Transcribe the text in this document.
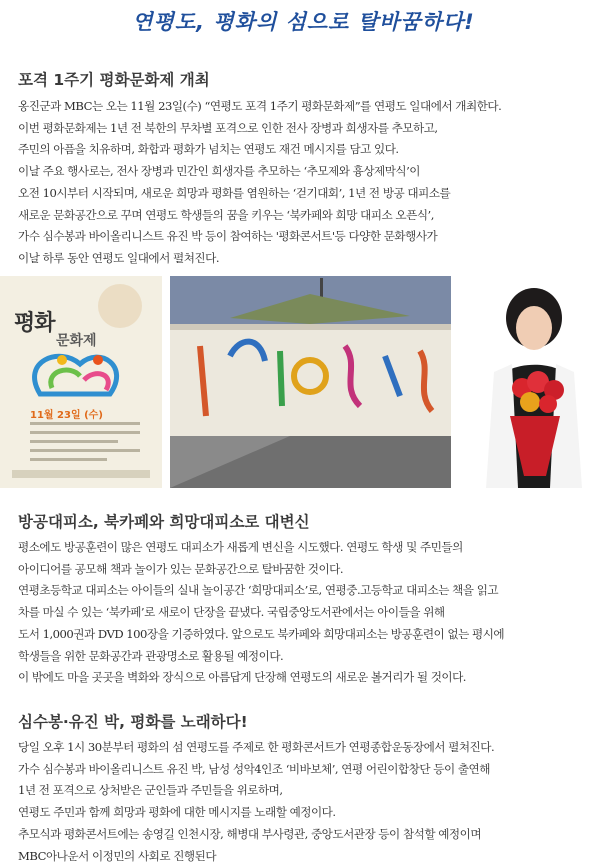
연평도, 평화의 섬으로 탈바꿈하다!
포격 1주기 평화문화제 개최

옹진군과 MBC는 오는 11월 23일(수) “연평도 포격 1주기 평화문화제”를 연평도 일대에서 개최한다.

이번 평화문화제는 1년 전 북한의 무차별 포격으로 인한 전사 장병과 희생자를 추모하고,

주민의 아픔을 치유하며, 화합과 평화가 넘치는 연평도 재건 메시지를 담고 있다.

이날 주요 행사로는, 전사 장병과 민간인 희생자를 추모하는 ‘추모제와 흉상제막식’이

오전 10시부터 시작되며, 새로운 희망과 평화를 염원하는 ‘걷기대회’, 1년 전 방공 대피소를

새로운 문화공간으로 꾸며 연평도 학생들의 꿈을 키우는 ‘북카페와 희망 대피소 오픈식’,

가수 심수봉과 바이올리니스트 유진 박 등이 참여하는 '평화콘서트'등 다양한 문화행사가

이날 하루 동안 연평도 일대에서 펼쳐진다.

평화
문화제
11월 23일 (수)
방공대피소, 북카페와 희망대피소로 대변신

평소에도 방공훈련이 많은 연평도 대피소가 새롭게 변신을 시도했다. 연평도 학생 및 주민들의

아이디어를 공모해 책과 놀이가 있는 문화공간으로 탈바꿈한 것이다.

연평초등학교 대피소는 아이들의 실내 놀이공간 ‘희망대피소’로, 연평중.고등학교 대피소는 책을 읽고

차를 마실 수 있는 ‘북카페’로 새로이 단장을 끝냈다. 국립중앙도서관에서는 아이들을 위해

도서 1,000권과 DVD 100장을 기증하였다. 앞으로도 북카페와 희망대피소는 방공훈련이 없는 평시에

학생들을 위한 문화공간과 관광명소로 활용될 예정이다.

이 밖에도 마을 곳곳을 벽화와 장식으로 아름답게 단장해 연평도의 새로운 볼거리가 될 것이다.

심수봉·유진 박, 평화를 노래하다!

당일 오후 1시 30분부터 평화의 섬 연평도를 주제로 한 평화콘서트가 연평종합운동장에서 펼쳐진다.

가수 심수봉과 바이올리니스트 유진 박, 남성 성악4인조 ‘비바보체’, 연평 어린이합창단 등이 출연해

1년 전 포격으로 상처받은 군인들과 주민들을 위로하며,

연평도 주민과 함께 희망과 평화에 대한 메시지를 노래할 예정이다.

추모식과 평화콘서트에는 송영길 인천시장, 해병대 부사령관, 중앙도서관장 등이 참석할 예정이며

MBC아나운서 이정민의 사회로 진행된다
